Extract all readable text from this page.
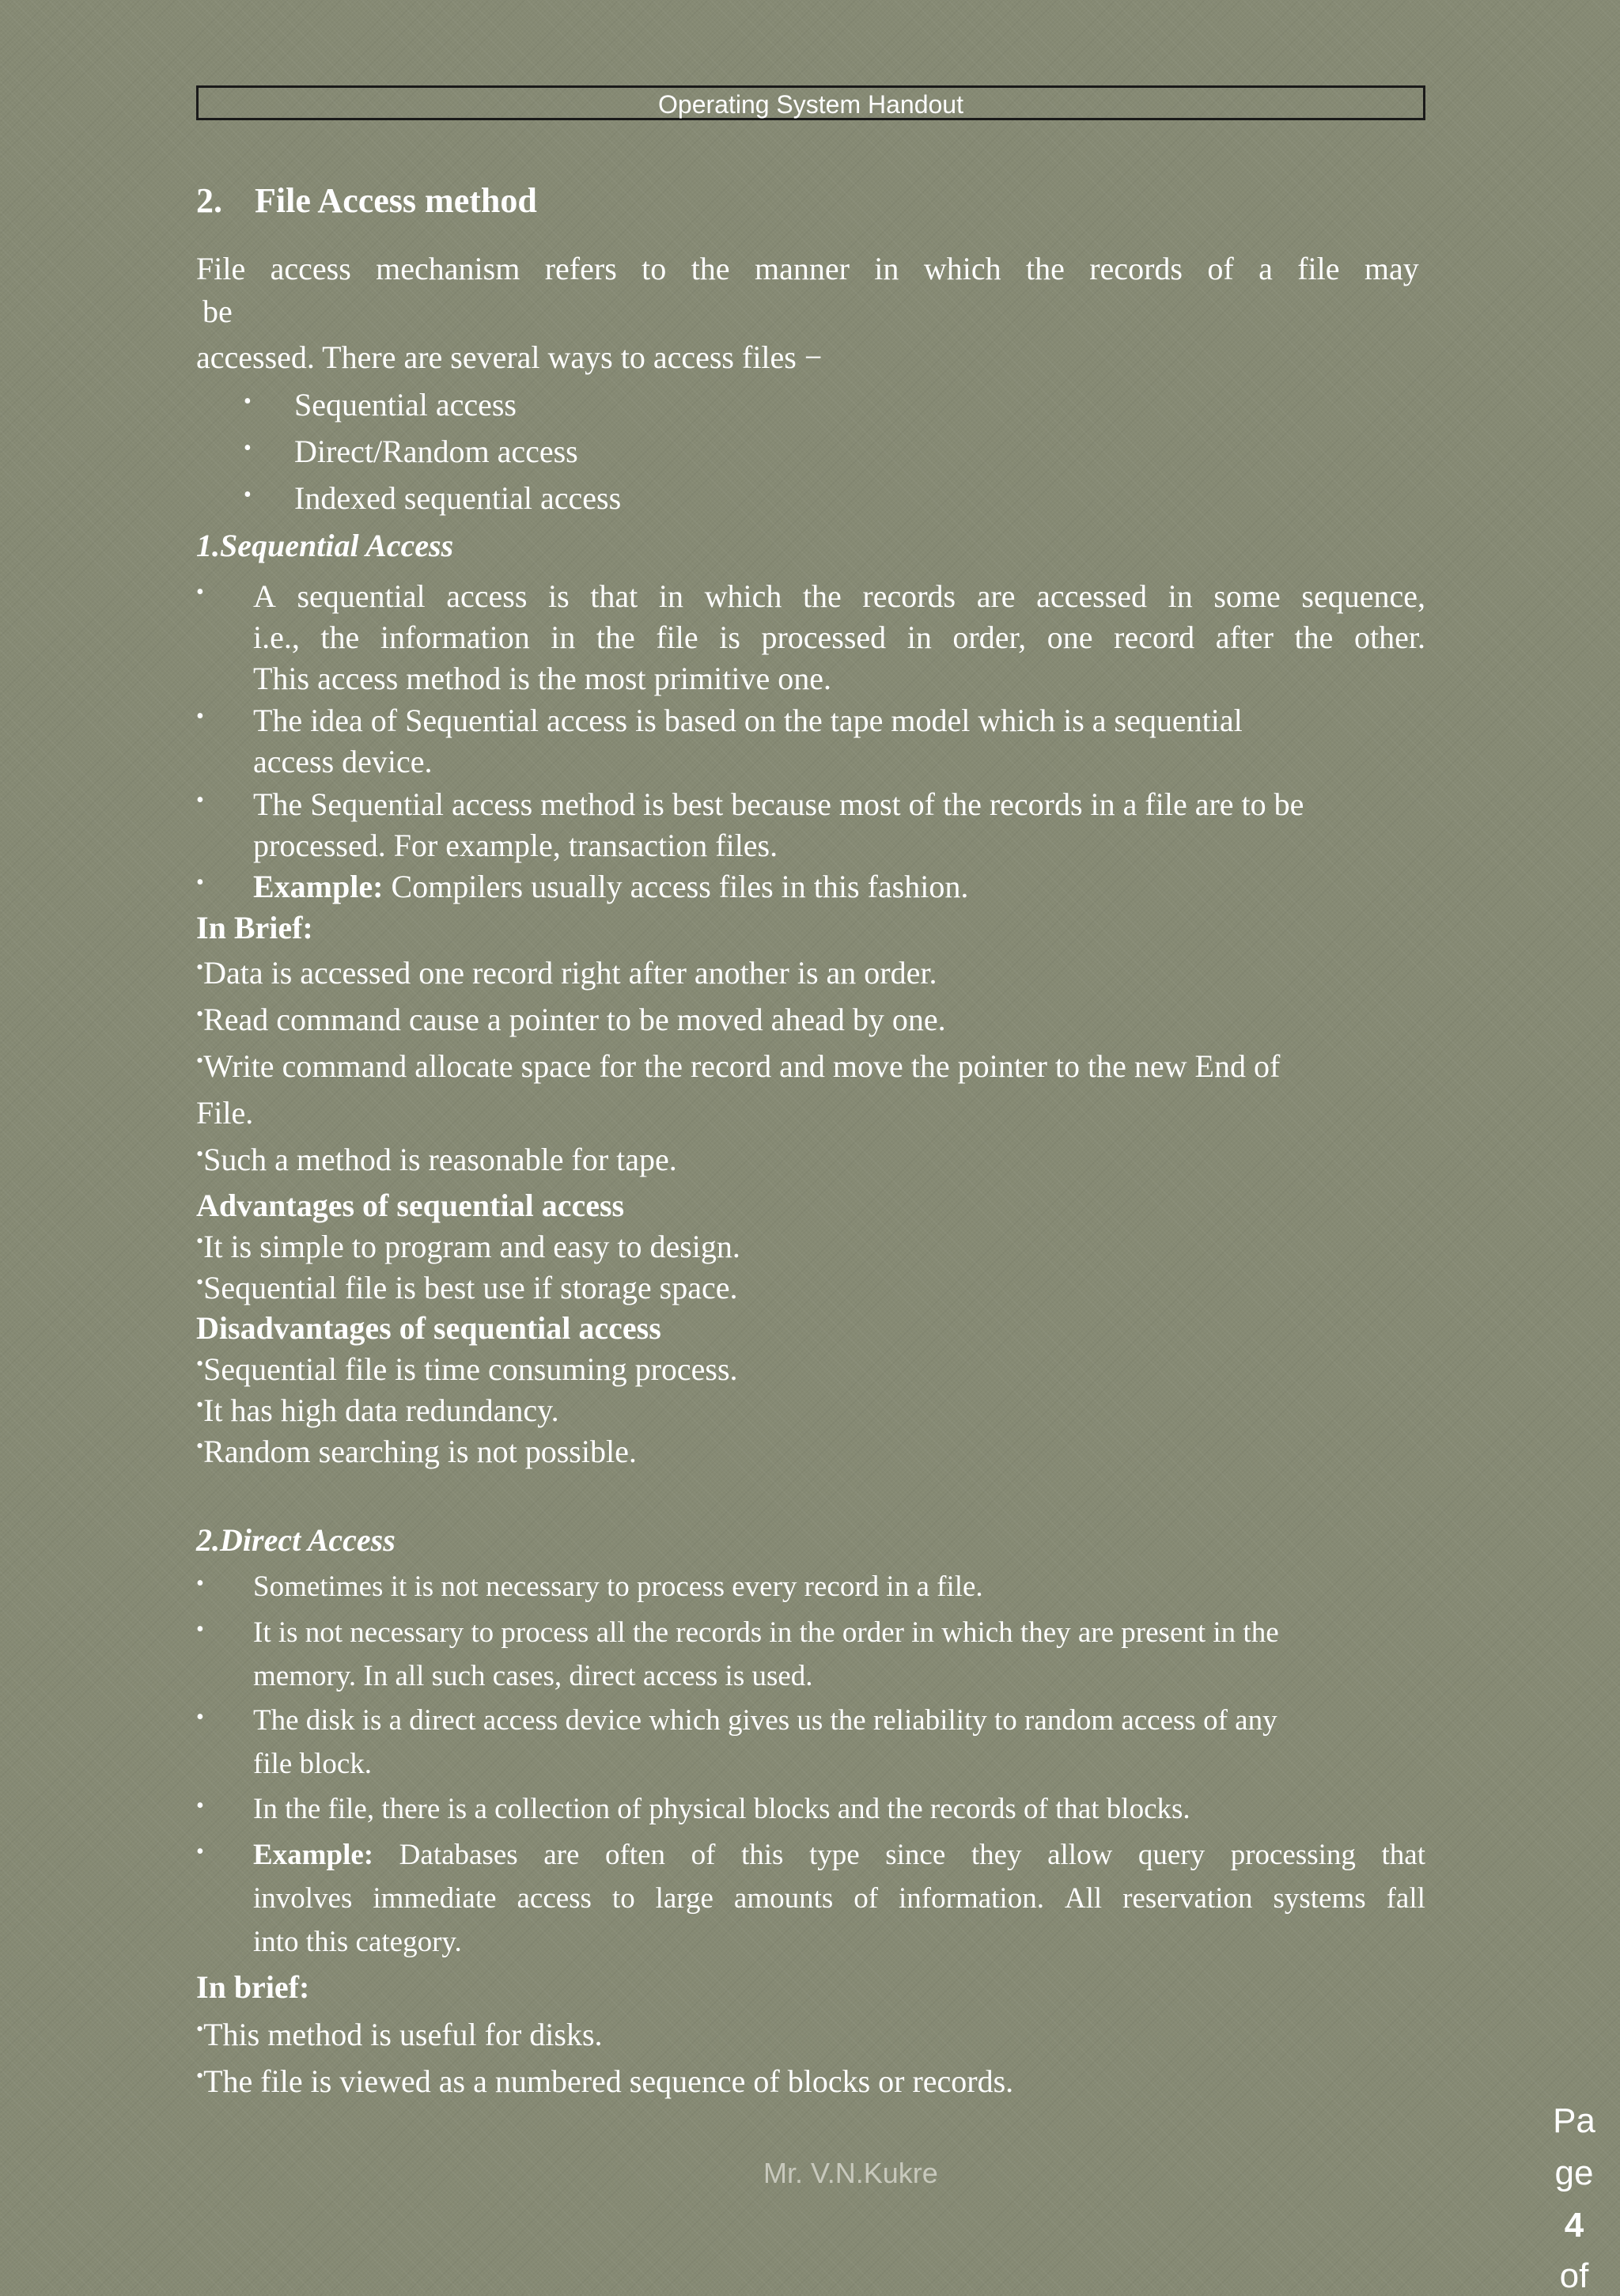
Operating System Handout
2. File Access method
File access mechanism refers to the manner in which the records of a file may
be
accessed. There are several ways to access files −
• Sequential access
• Direct/Random access
• Indexed sequential access
1.Sequential Access
• A sequential access is that in which the records are accessed in some sequence,
i.e., the information in the file is processed in order, one record after the other.
This access method is the most primitive one.
• The idea of Sequential access is based on the tape model which is a sequential
access device.
• The Sequential access method is best because most of the records in a file are to be
processed. For example, transaction files.
• Example: Compilers usually access files in this fashion.
In Brief:
•Data is accessed one record right after another is an order.
•Read command cause a pointer to be moved ahead by one.
•Write command allocate space for the record and move the pointer to the new End of
File.
•Such a method is reasonable for tape.
Advantages of sequential access
•It is simple to program and easy to design.
•Sequential file is best use if storage space.
Disadvantages of sequential access
•Sequential file is time consuming process.
•It has high data redundancy.
•Random searching is not possible.
2.Direct Access
• Sometimes it is not necessary to process every record in a file.
• It is not necessary to process all the records in the order in which they are present in the
memory. In all such cases, direct access is used.
• The disk is a direct access device which gives us the reliability to random access of any
file block.
• In the file, there is a collection of physical blocks and the records of that blocks.
• Example: Databases are often of this type since they allow query processing that
involves immediate access to large amounts of information. All reservation systems fall
into this category.
In brief:
•This method is useful for disks.
•The file is viewed as a numbered sequence of blocks or records.
Mr. V.N.Kukre
Pa
ge
4
of
